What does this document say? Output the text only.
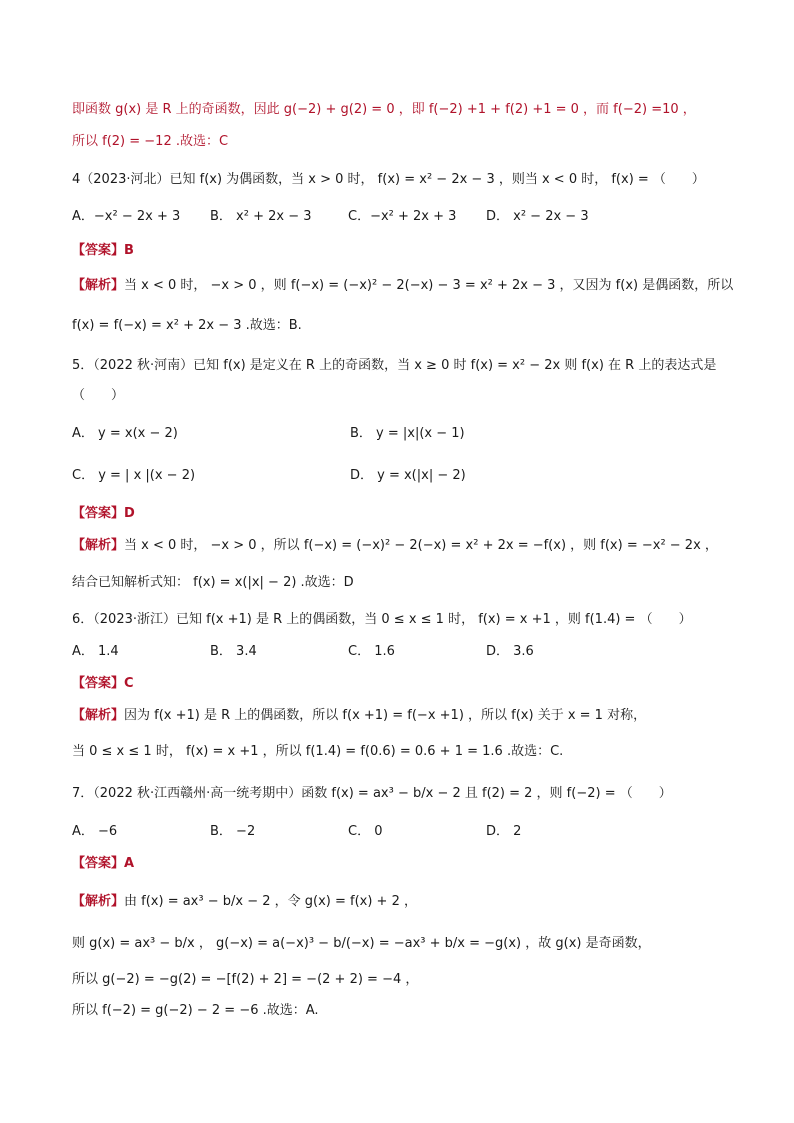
即函数 g(x) 是 R 上的奇函数，因此 g(−2) + g(2) = 0 ，即 f(−2) +1 + f(2) +1 = 0 ，而 f(−2) =10 ，
所以 f(2) = −12 .故选：C
4（2023·河北）已知 f(x) 为偶函数，当 x > 0 时， f(x) = x² − 2x − 3 ，则当 x < 0 时， f(x) = （　　）
A．−x² − 2x + 3	B． x² + 2x − 3	C．−x² + 2x + 3	D． x² − 2x − 3
【答案】B
【解析】当 x < 0 时， −x > 0 ，则 f(−x) = (−x)² − 2(−x) − 3 = x² + 2x − 3 ，又因为 f(x) 是偶函数，所以
f(x) = f(−x) = x² + 2x − 3 .故选：B.
5．（2022 秋·河南）已知 f(x) 是定义在 R 上的奇函数，当 x ≥ 0 时 f(x) = x² − 2x 则 f(x) 在 R 上的表达式是
（　　）
A． y = x(x − 2)	B． y = |x|(x − 1)
C． y = | x |(x − 2)	D． y = x(|x| − 2)
【答案】D
【解析】当 x < 0 时， −x > 0 ，所以 f(−x) = (−x)² − 2(−x) = x² + 2x = −f(x) ，则 f(x) = −x² − 2x ，
结合已知解析式知： f(x) = x(|x| − 2) .故选：D
6．（2023·浙江）已知 f(x +1) 是 R 上的偶函数，当 0 ≤ x ≤ 1 时， f(x) = x +1 ，则 f(1.4) = （　　）
A． 1.4	B． 3.4	C． 1.6	D． 3.6
【答案】C
【解析】因为 f(x +1) 是 R 上的偶函数，所以 f(x +1) = f(−x +1) ，所以 f(x) 关于 x = 1 对称，
当 0 ≤ x ≤ 1 时， f(x) = x +1 ，所以 f(1.4) = f(0.6) = 0.6 + 1 = 1.6 .故选：C.
7．（2022 秋·江西赣州·高一统考期中）函数 f(x) = ax³ − b/x − 2 且 f(2) = 2 ，则 f(−2) = （　　）
A． −6	B． −2	C． 0	D． 2
【答案】A
【解析】由 f(x) = ax³ − b/x − 2 ，令 g(x) = f(x) + 2 ，
则 g(x) = ax³ − b/x ， g(−x) = a(−x)³ − b/(−x) = −ax³ + b/x = −g(x) ，故 g(x) 是奇函数，
所以 g(−2) = −g(2) = −[f(2) + 2] = −(2 + 2) = −4 ，
所以 f(−2) = g(−2) − 2 = −6 .故选：A.
